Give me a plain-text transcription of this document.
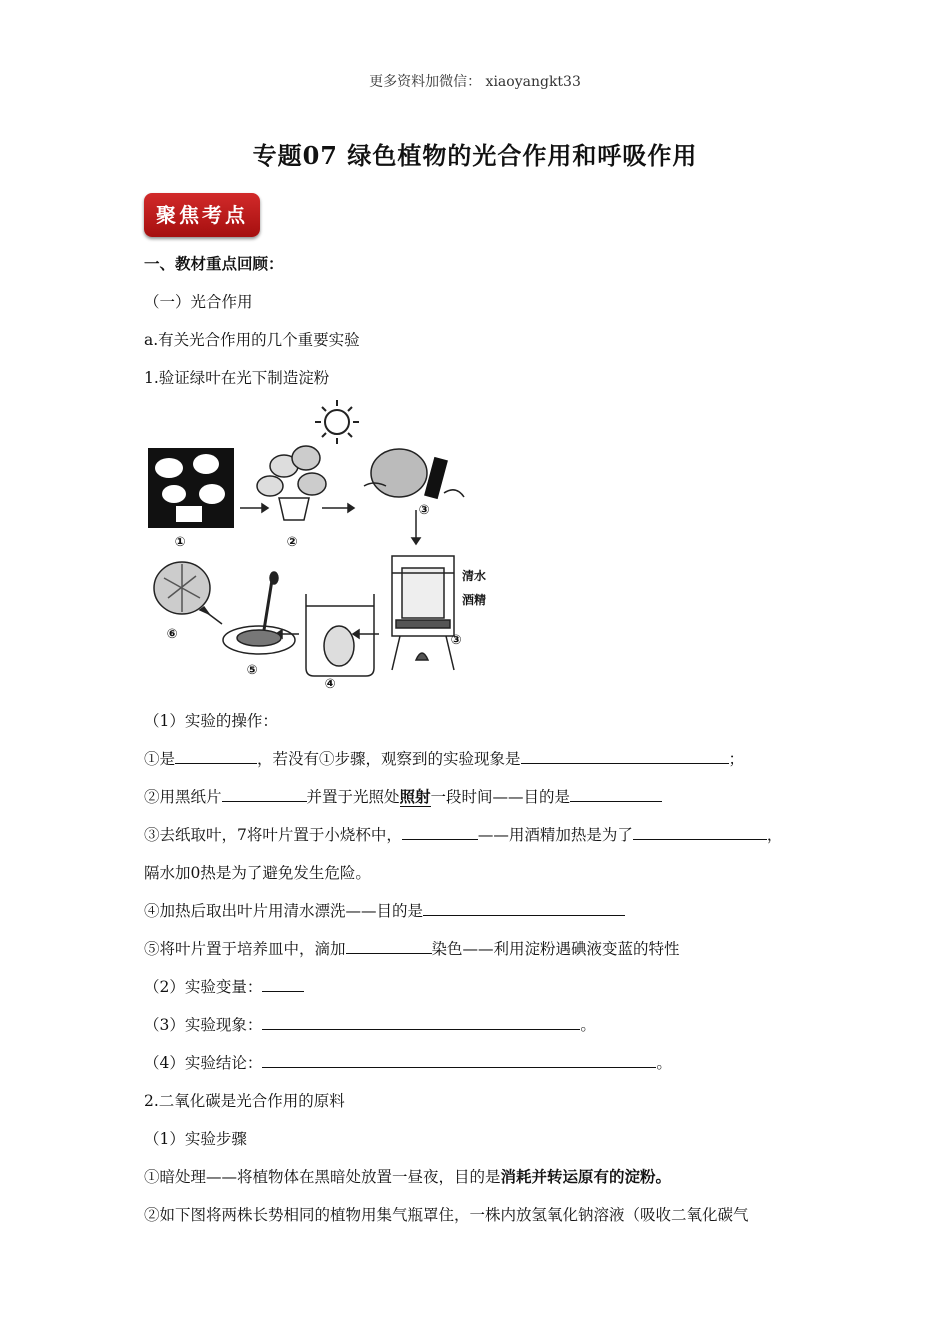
更多资料加微信： xiaoyangkt33
专题07 绿色植物的光合作用和呼吸作用
聚焦考点
一、教材重点回顾：
（一）光合作用
a.有关光合作用的几个重要实验
1.验证绿叶在光下制造淀粉
①	②
③
③
④
⑤
⑥
清水
酒精
（1）实验的操作：
①是	，若没有①步骤，观察到的实验现象是	；
②用黑纸片	并置于光照处照射一段时间——目的是
③去纸取叶，7将叶片置于小烧杯中，	——用酒精加热是为了	，
隔水加0热是为了避免发生危险。
④加热后取出叶片用清水漂洗——目的是
⑤将叶片置于培养皿中，滴加	染色——利用淀粉遇碘液变蓝的特性
（2）实验变量：
（3）实验现象：	。
（4）实验结论：	。
2.二氧化碳是光合作用的原料
（1）实验步骤
①暗处理——将植物体在黑暗处放置一昼夜，目的是消耗并转运原有的淀粉。
②如下图将两株长势相同的植物用集气瓶罩住，一株内放氢氧化钠溶液（吸收二氧化碳气
